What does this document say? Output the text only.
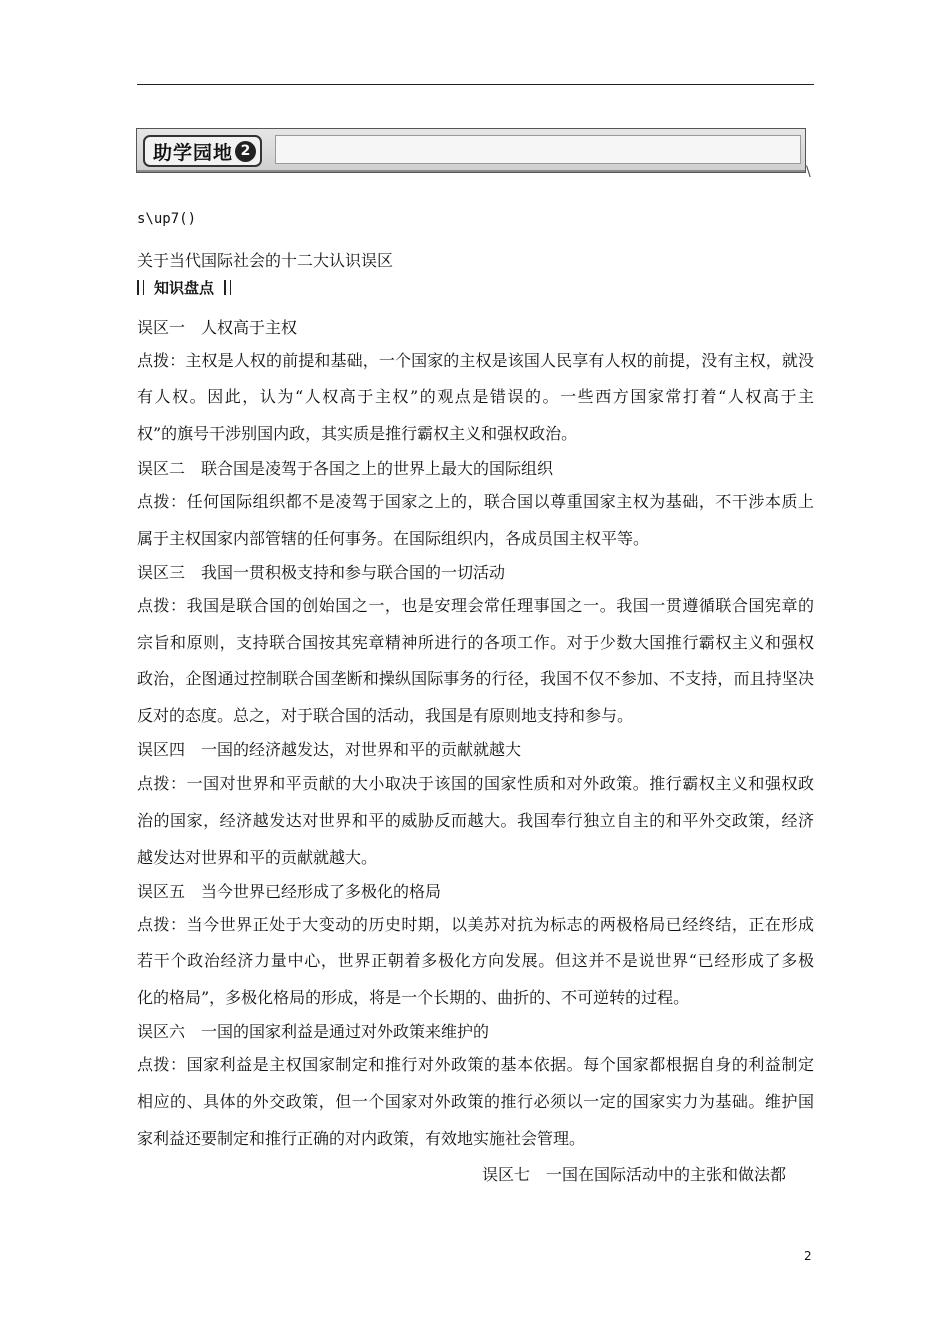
助学园地 2
\
s\up7()
关于当代国际社会的十二大认识误区
知识盘点
误区一　人权高于主权
点拨：主权是人权的前提和基础，一个国家的主权是该国人民享有人权的前提，没有主权，就没
有人权。因此，认为“人权高于主权”的观点是错误的。一些西方国家常打着“人权高于主
权”的旗号干涉别国内政，其实质是推行霸权主义和强权政治。
误区二　联合国是凌驾于各国之上的世界上最大的国际组织
点拨：任何国际组织都不是凌驾于国家之上的，联合国以尊重国家主权为基础，不干涉本质上
属于主权国家内部管辖的任何事务。在国际组织内，各成员国主权平等。
误区三　我国一贯积极支持和参与联合国的一切活动
点拨：我国是联合国的创始国之一，也是安理会常任理事国之一。我国一贯遵循联合国宪章的
宗旨和原则，支持联合国按其宪章精神所进行的各项工作。对于少数大国推行霸权主义和强权
政治，企图通过控制联合国垄断和操纵国际事务的行径，我国不仅不参加、不支持，而且持坚决
反对的态度。总之，对于联合国的活动，我国是有原则地支持和参与。
误区四　一国的经济越发达，对世界和平的贡献就越大
点拨：一国对世界和平贡献的大小取决于该国的国家性质和对外政策。推行霸权主义和强权政
治的国家，经济越发达对世界和平的威胁反而越大。我国奉行独立自主的和平外交政策，经济
越发达对世界和平的贡献就越大。
误区五　当今世界已经形成了多极化的格局
点拨：当今世界正处于大变动的历史时期，以美苏对抗为标志的两极格局已经终结，正在形成
若干个政治经济力量中心，世界正朝着多极化方向发展。但这并不是说世界“已经形成了多极
化的格局”，多极化格局的形成，将是一个长期的、曲折的、不可逆转的过程。
误区六　一国的国家利益是通过对外政策来维护的
点拨：国家利益是主权国家制定和推行对外政策的基本依据。每个国家都根据自身的利益制定
相应的、具体的外交政策，但一个国家对外政策的推行必须以一定的国家实力为基础。维护国
家利益还要制定和推行正确的对内政策，有效地实施社会管理。
误区七　一国在国际活动中的主张和做法都
2
